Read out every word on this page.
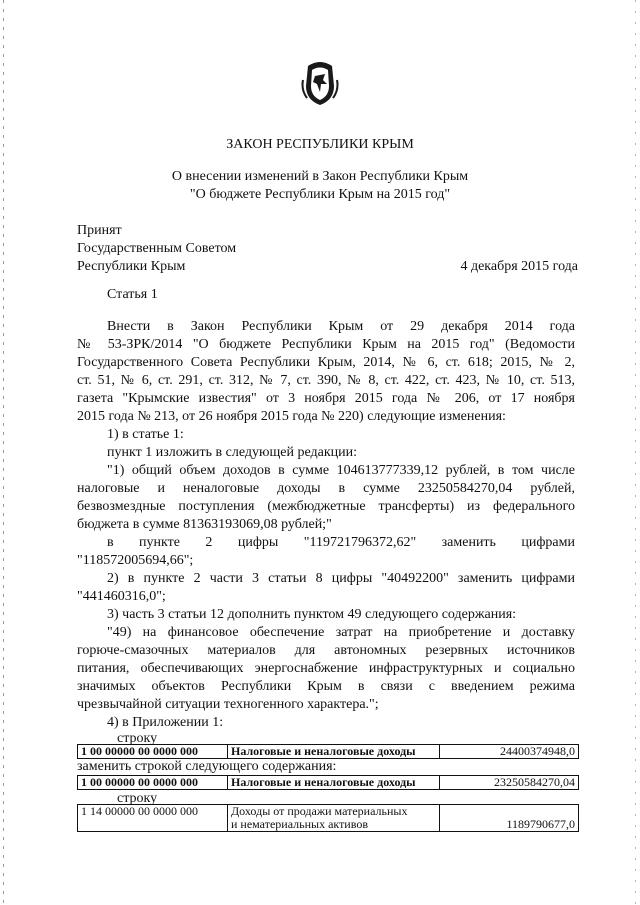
ЗАКОН РЕСПУБЛИКИ КРЫМ
О внесении изменений в Закон Республики Крым
"О бюджете Республики Крым на 2015 год"
Принят
Государственным Советом
Республики Крым	4 декабря 2015 года
Статья 1
Внести в Закон Республики Крым от 29 декабря 2014 года
№ 53-ЗРК/2014 "О бюджете Республики Крым на 2015 год" (Ведомости
Государственного Совета Республики Крым, 2014, № 6, ст. 618; 2015, № 2,
ст. 51, № 6, ст. 291, ст. 312, № 7, ст. 390, № 8, ст. 422, ст. 423, № 10, ст. 513,
газета "Крымские известия" от 3 ноября 2015 года № 206, от 17 ноября
2015 года № 213, от 26 ноября 2015 года № 220) следующие изменения:
1) в статье 1:
пункт 1 изложить в следующей редакции:
"1) общий объем доходов в сумме 104613777339,12 рублей, в том числе
налоговые и неналоговые доходы в сумме 23250584270,04 рублей,
безвозмездные поступления (межбюджетные трансферты) из федерального
бюджета в сумме 81363193069,08 рублей;"
в пункте 2 цифры "119721796372,62" заменить цифрами
"118572005694,66";
2) в пункте 2 части 3 статьи 8 цифры "40492200" заменить цифрами
"441460316,0";
3) часть 3 статьи 12 дополнить пунктом 49 следующего содержания:
"49) на финансовое обеспечение затрат на приобретение и доставку
горюче-смазочных материалов для автономных резервных источников
питания, обеспечивающих энергоснабжение инфраструктурных и социально
значимых объектов Республики Крым в связи с введением режима
чрезвычайной ситуации техногенного характера.";
4) в Приложении 1:
строку
1 00 00000 00 0000 000	Налоговые и неналоговые доходы	24400374948,0
заменить строкой следующего содержания:
1 00 00000 00 0000 000	Налоговые и неналоговые доходы	23250584270,04
строку
1 14 00000 00 0000 000	Доходы от продажи материальных
и нематериальных активов	1189790677,0
